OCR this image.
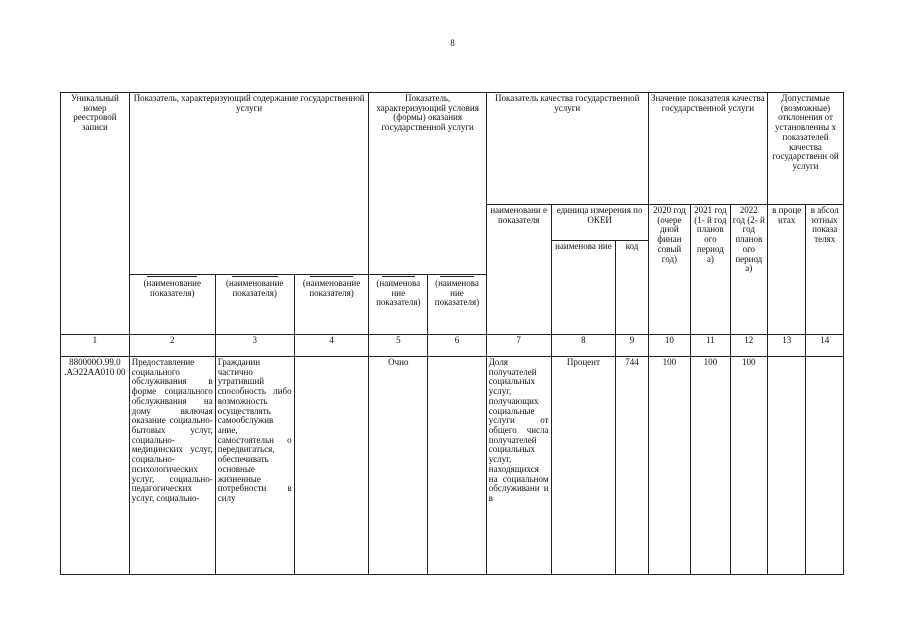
8
Уникальный номер реестровой записи	Показатель, характеризующий содержание государственной услуги			Показатель, характеризующий условия (формы) оказания государственной услуги		Показатель качества государственной услуги			Значение показателя качества государственной услуги			Допустимые (возможные) отклонения от установленны х показателей качества государственн ой услуги	
						наименовани е показателя	единица измерения по ОКЕИ		2020 год (очере дной финан совый год)	2021 год (1- й год планов ого период а)	2022 год (2- й год планов ого период а)	в проце нтах	в абсол ютных показа телях
							наименова ние	код					

	(наименование показателя)	(наименование показателя)	(наименование показателя)	(наименова ние показателя)	(наименова ние показателя)								

1	2	3	4	5	6	7	8	9	10	11	12	13	14
880000О.99.0 .АЭ22АА010 00	Предоставление социального обслуживания в форме социального обслуживания на дому включая оказание социально- бытовых услуг, социально- медицинских услуг, социально- психологических услуг, социально- педагогических услуг, социально-	Гражданин частично утративший способность либо возможность осуществлять самообслужив ание, самостоятельн о передвигаться, обеспечивать основные жизненные потребности в силу		Очно		Доля получателей социальных услуг, получающих социальные услуги от общего числа получателей социальных услуг, находящихся на социальном обслуживани и в	Процент	744	100	100	100		
